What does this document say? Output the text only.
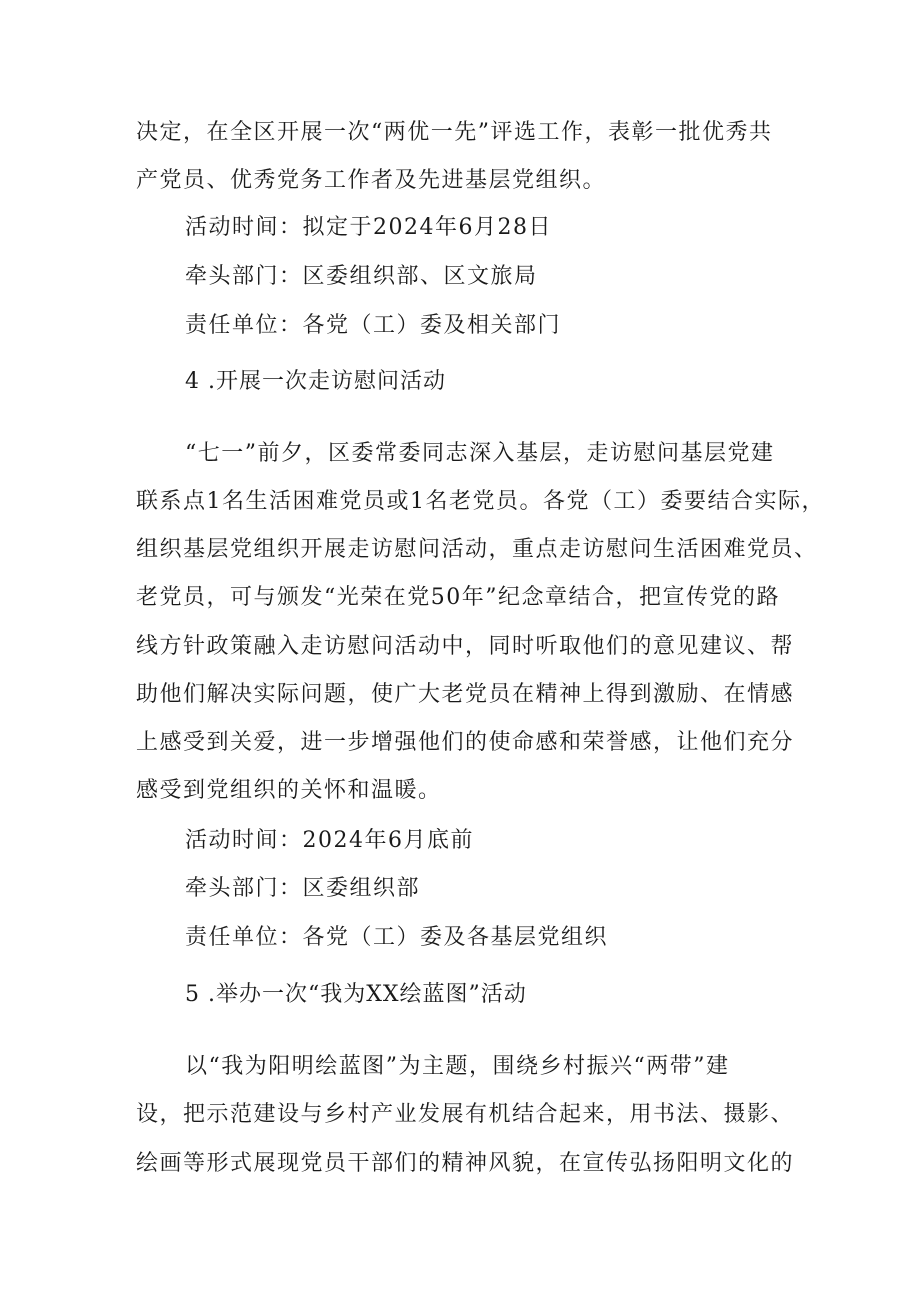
决定，在全区开展一次“两优一先”评选工作，表彰一批优秀共
产党员、优秀党务工作者及先进基层党组织。
活动时间：拟定于2024年6月28日
牵头部门：区委组织部、区文旅局
责任单位：各党（工）委及相关部门
4 .开展一次走访慰问活动
“七一”前夕，区委常委同志深入基层，走访慰问基层党建
联系点1名生活困难党员或1名老党员。各党（工）委要结合实际，
组织基层党组织开展走访慰问活动，重点走访慰问生活困难党员、
老党员，可与颁发“光荣在党50年”纪念章结合，把宣传党的路
线方针政策融入走访慰问活动中，同时听取他们的意见建议、帮
助他们解决实际问题，使广大老党员在精神上得到激励、在情感
上感受到关爱，进一步增强他们的使命感和荣誉感，让他们充分
感受到党组织的关怀和温暖。
活动时间：2024年6月底前
牵头部门：区委组织部
责任单位：各党（工）委及各基层党组织
5 .举办一次“我为XX绘蓝图”活动
以“我为阳明绘蓝图”为主题，围绕乡村振兴“两带”建
设，把示范建设与乡村产业发展有机结合起来，用书法、摄影、
绘画等形式展现党员干部们的精神风貌，在宣传弘扬阳明文化的
